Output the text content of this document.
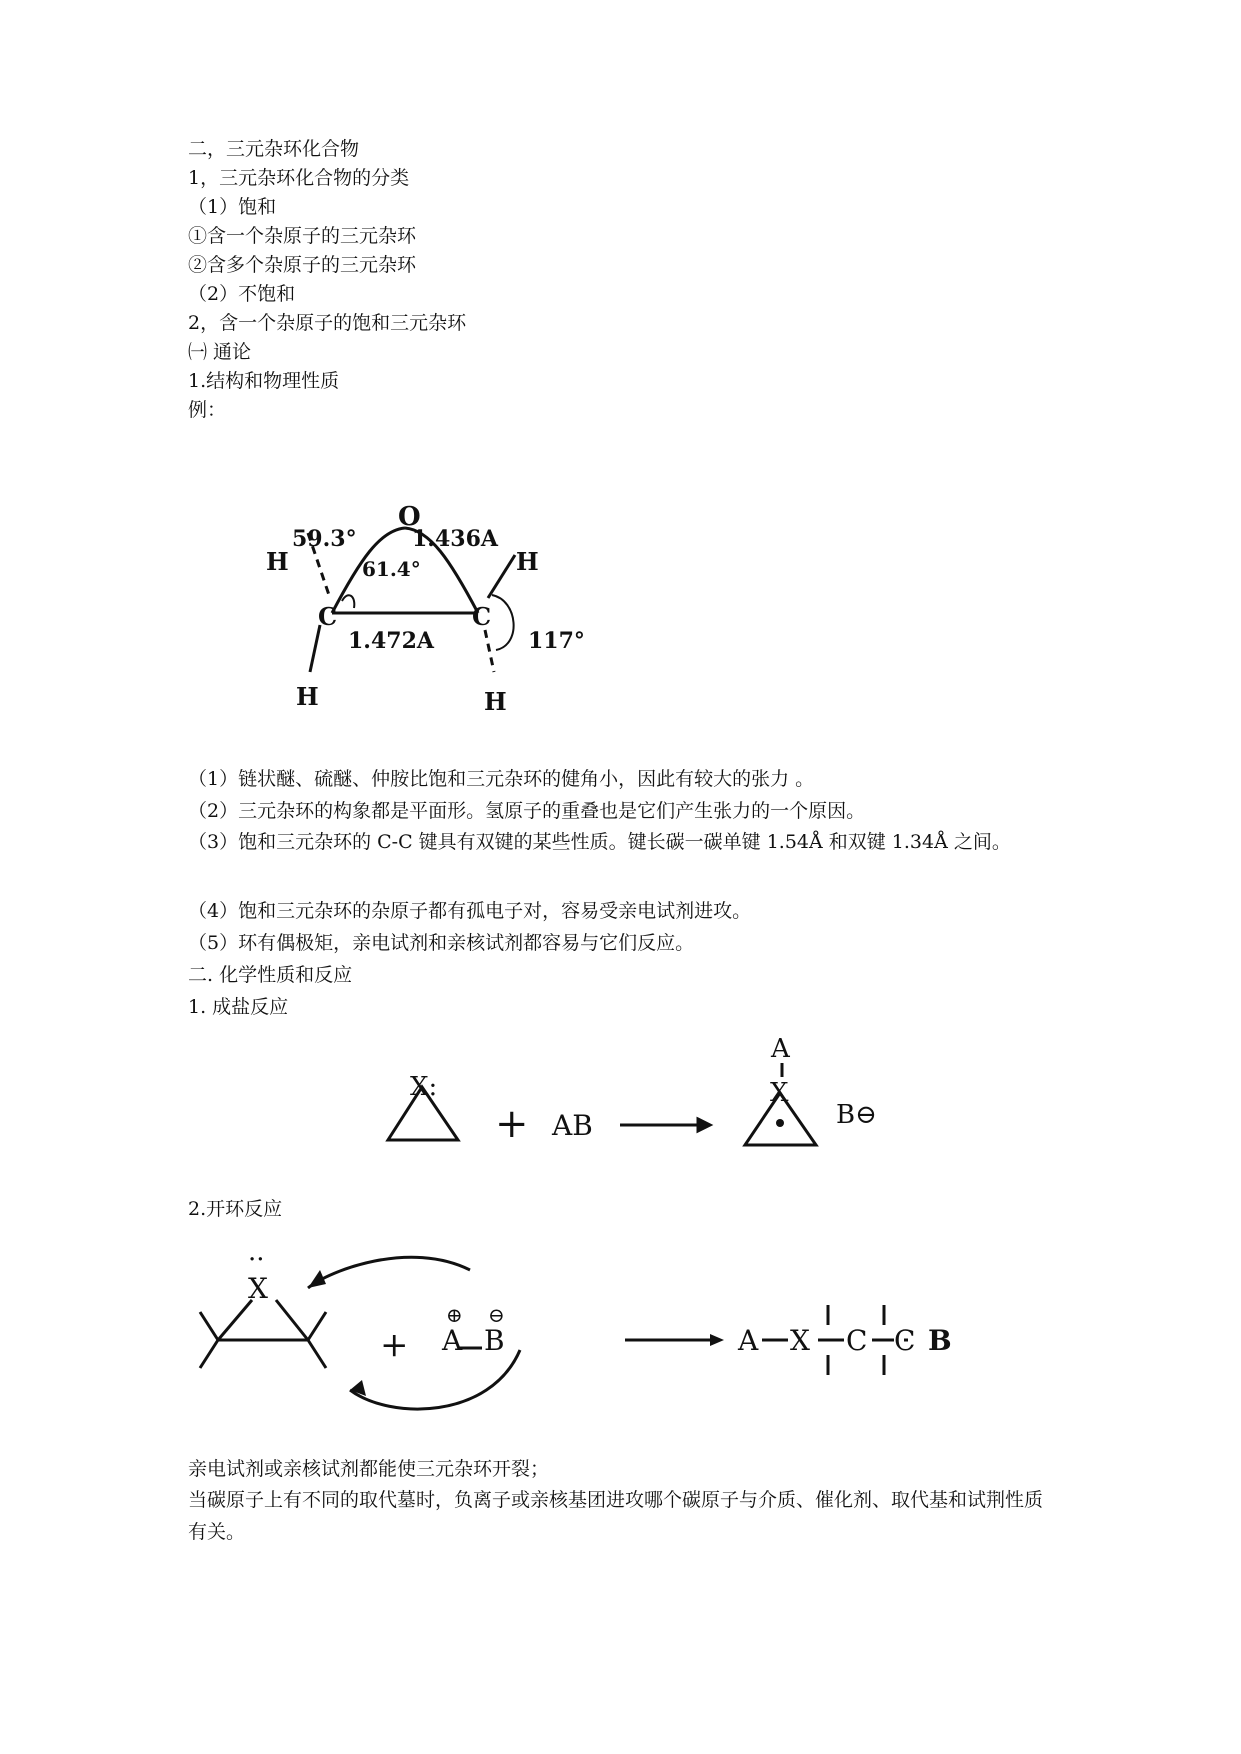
二，三元杂环化合物
1，三元杂环化合物的分类
（1）饱和
①含一个杂原子的三元杂环
②含多个杂原子的三元杂环
（2）不饱和
2，含一个杂原子的饱和三元杂环
㈠ 通论
1.结构和物理性质
例：
O
59.3°	1.436A
61.4°
H	H
C	C
1.472A	117°
H	H
（1）链状醚、硫醚、仲胺比饱和三元杂环的健角小，因此有较大的张力 。
（2）三元杂环的构象都是平面形。氢原子的重叠也是它们产生张力的一个原因。
（3）饱和三元杂环的 C-C 键具有双键的某些性质。键长碳一碳单键 1.54Å 和双键 1.34Å 之间。
（4）饱和三元杂环的杂原子都有孤电子对，容易受亲电试剂进攻。
（5）环有偶极矩，亲电试剂和亲核试剂都容易与它们反应。
二. 化学性质和反应
1. 成盐反应
X:
+ AB
A
X
B⊖
2.开环反应
··
X
+
⊕ ⊖
A B	A X C C B
亲电试剂或亲核试剂都能使三元杂环开裂；
当碳原子上有不同的取代墓时，负离子或亲核基团进攻哪个碳原子与介质、催化剂、取代基和试荆性质有关。
